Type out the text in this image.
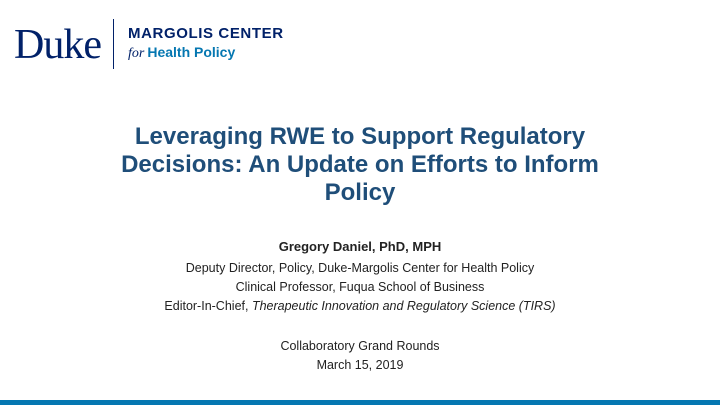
Duke MARGOLIS CENTER
for Health Policy
Leveraging RWE to Support Regulatory
Decisions: An Update on Efforts to Inform
Policy
Gregory Daniel, PhD, MPH
Deputy Director, Policy, Duke-Margolis Center for Health Policy
Clinical Professor, Fuqua School of Business
Editor-In-Chief, Therapeutic Innovation and Regulatory Science (TIRS)
Collaboratory Grand Rounds
March 15, 2019
